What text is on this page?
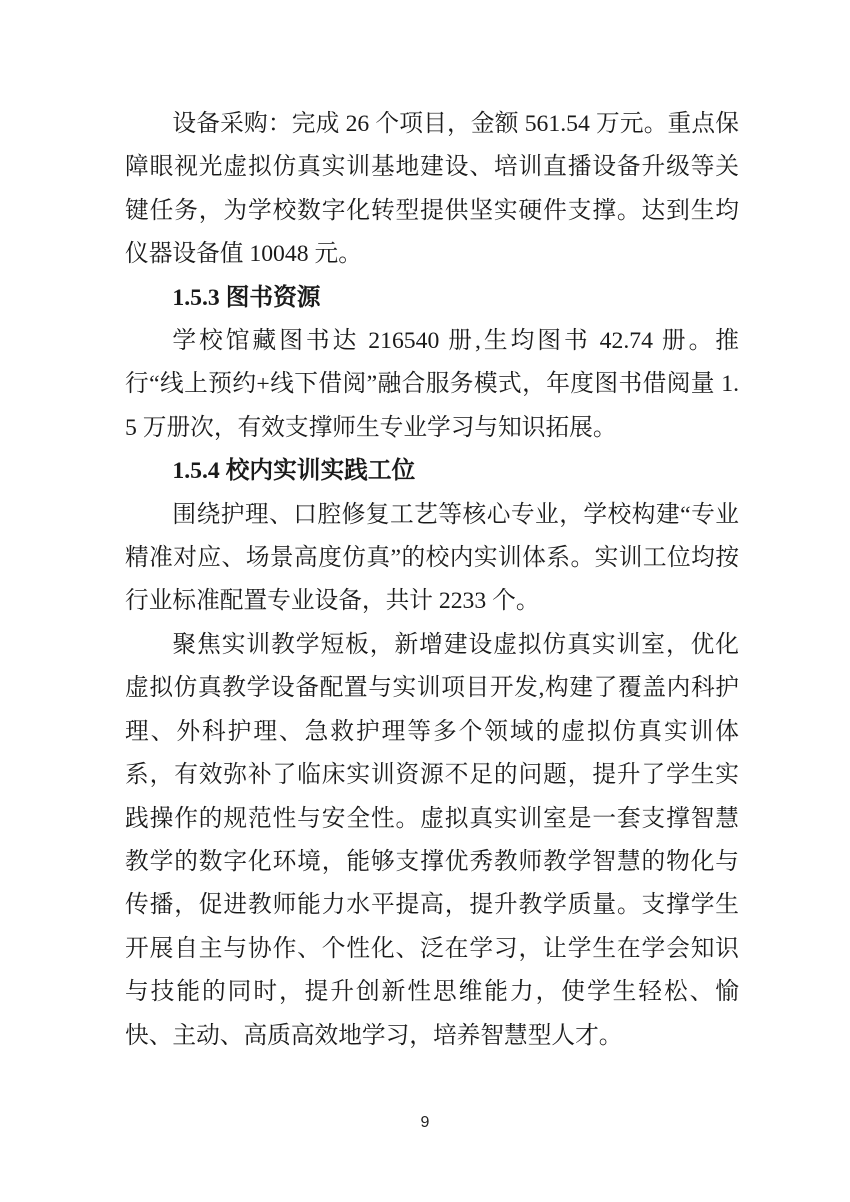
设备采购：完成 26 个项目，金额 561.54 万元。重点保障眼视光虚拟仿真实训基地建设、培训直播设备升级等关键任务，为学校数字化转型提供坚实硬件支撑。达到生均仪器设备值 10048 元。

1.5.3 图书资源

学校馆藏图书达 216540 册,生均图书 42.74 册。推行“线上预约+线下借阅”融合服务模式，年度图书借阅量 1.5 万册次，有效支撑师生专业学习与知识拓展。

1.5.4 校内实训实践工位

围绕护理、口腔修复工艺等核心专业，学校构建“专业精准对应、场景高度仿真”的校内实训体系。实训工位均按行业标准配置专业设备，共计 2233 个。

聚焦实训教学短板，新增建设虚拟仿真实训室，优化虚拟仿真教学设备配置与实训项目开发,构建了覆盖内科护理、外科护理、急救护理等多个领域的虚拟仿真实训体系，有效弥补了临床实训资源不足的问题，提升了学生实践操作的规范性与安全性。虚拟真实训室是一套支撑智慧教学的数字化环境，能够支撑优秀教师教学智慧的物化与传播，促进教师能力水平提高，提升教学质量。支撑学生开展自主与协作、个性化、泛在学习，让学生在学会知识与技能的同时，提升创新性思维能力，使学生轻松、愉快、主动、高质高效地学习，培养智慧型人才。

9
